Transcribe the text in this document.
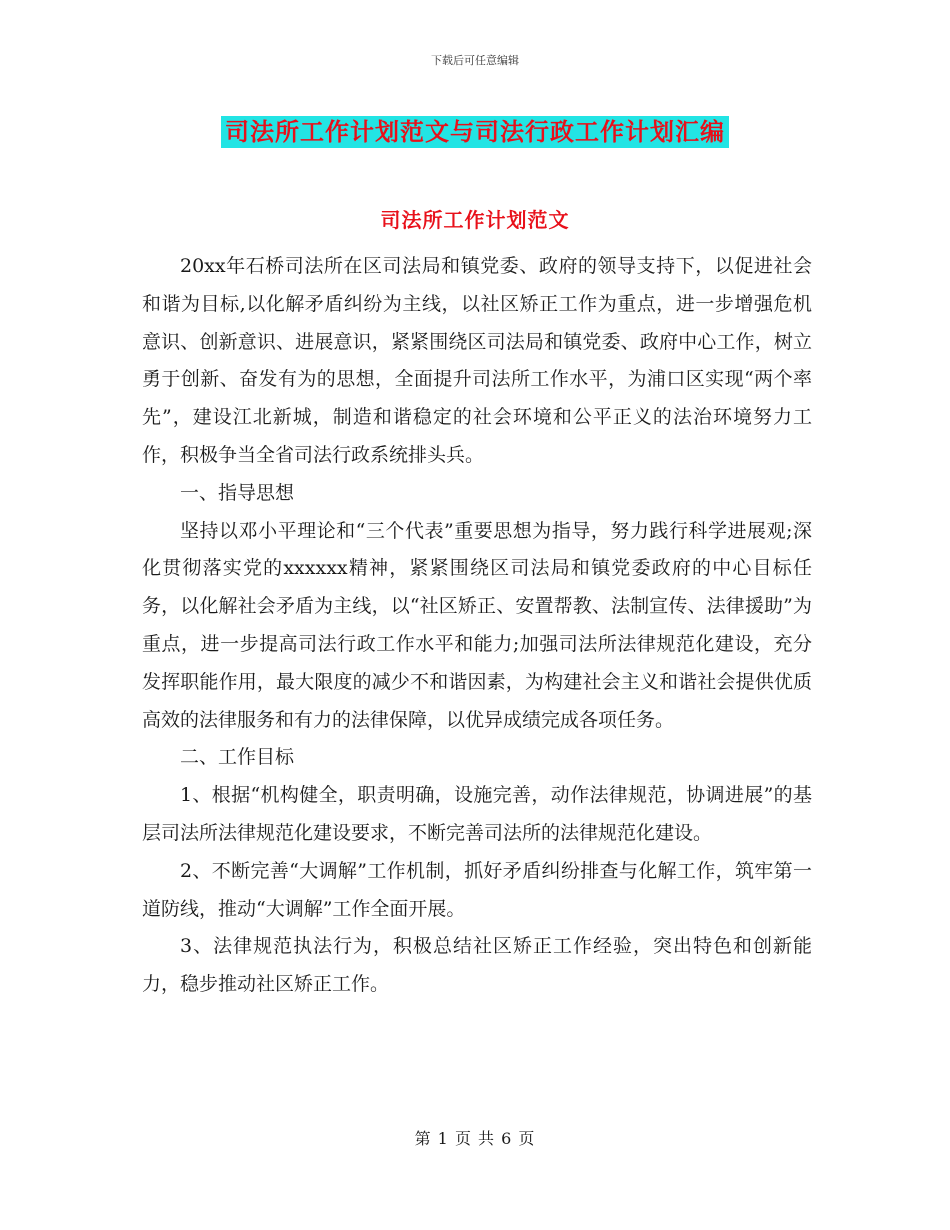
下载后可任意编辑
司法所工作计划范文与司法行政工作计划汇编
司法所工作计划范文

20xx年石桥司法所在区司法局和镇党委、政府的领导支持下，以促进社会和谐为目标,以化解矛盾纠纷为主线，以社区矫正工作为重点，进一步增强危机意识、创新意识、进展意识，紧紧围绕区司法局和镇党委、政府中心工作，树立勇于创新、奋发有为的思想，全面提升司法所工作水平，为浦口区实现“两个率先”，建设江北新城，制造和谐稳定的社会环境和公平正义的法治环境努力工作，积极争当全省司法行政系统排头兵。

一、指导思想

坚持以邓小平理论和“三个代表”重要思想为指导，努力践行科学进展观;深化贯彻落实党的xxxxxx精神，紧紧围绕区司法局和镇党委政府的中心目标任务，以化解社会矛盾为主线，以“社区矫正、安置帮教、法制宣传、法律援助”为重点，进一步提高司法行政工作水平和能力;加强司法所法律规范化建设，充分发挥职能作用，最大限度的减少不和谐因素，为构建社会主义和谐社会提供优质高效的法律服务和有力的法律保障，以优异成绩完成各项任务。

二、工作目标

1、根据“机构健全，职责明确，设施完善，动作法律规范，协调进展”的基层司法所法律规范化建设要求，不断完善司法所的法律规范化建设。

2、不断完善“大调解”工作机制，抓好矛盾纠纷排查与化解工作，筑牢第一道防线，推动“大调解”工作全面开展。

3、法律规范执法行为，积极总结社区矫正工作经验，突出特色和创新能力，稳步推动社区矫正工作。

第 1 页 共 6 页
